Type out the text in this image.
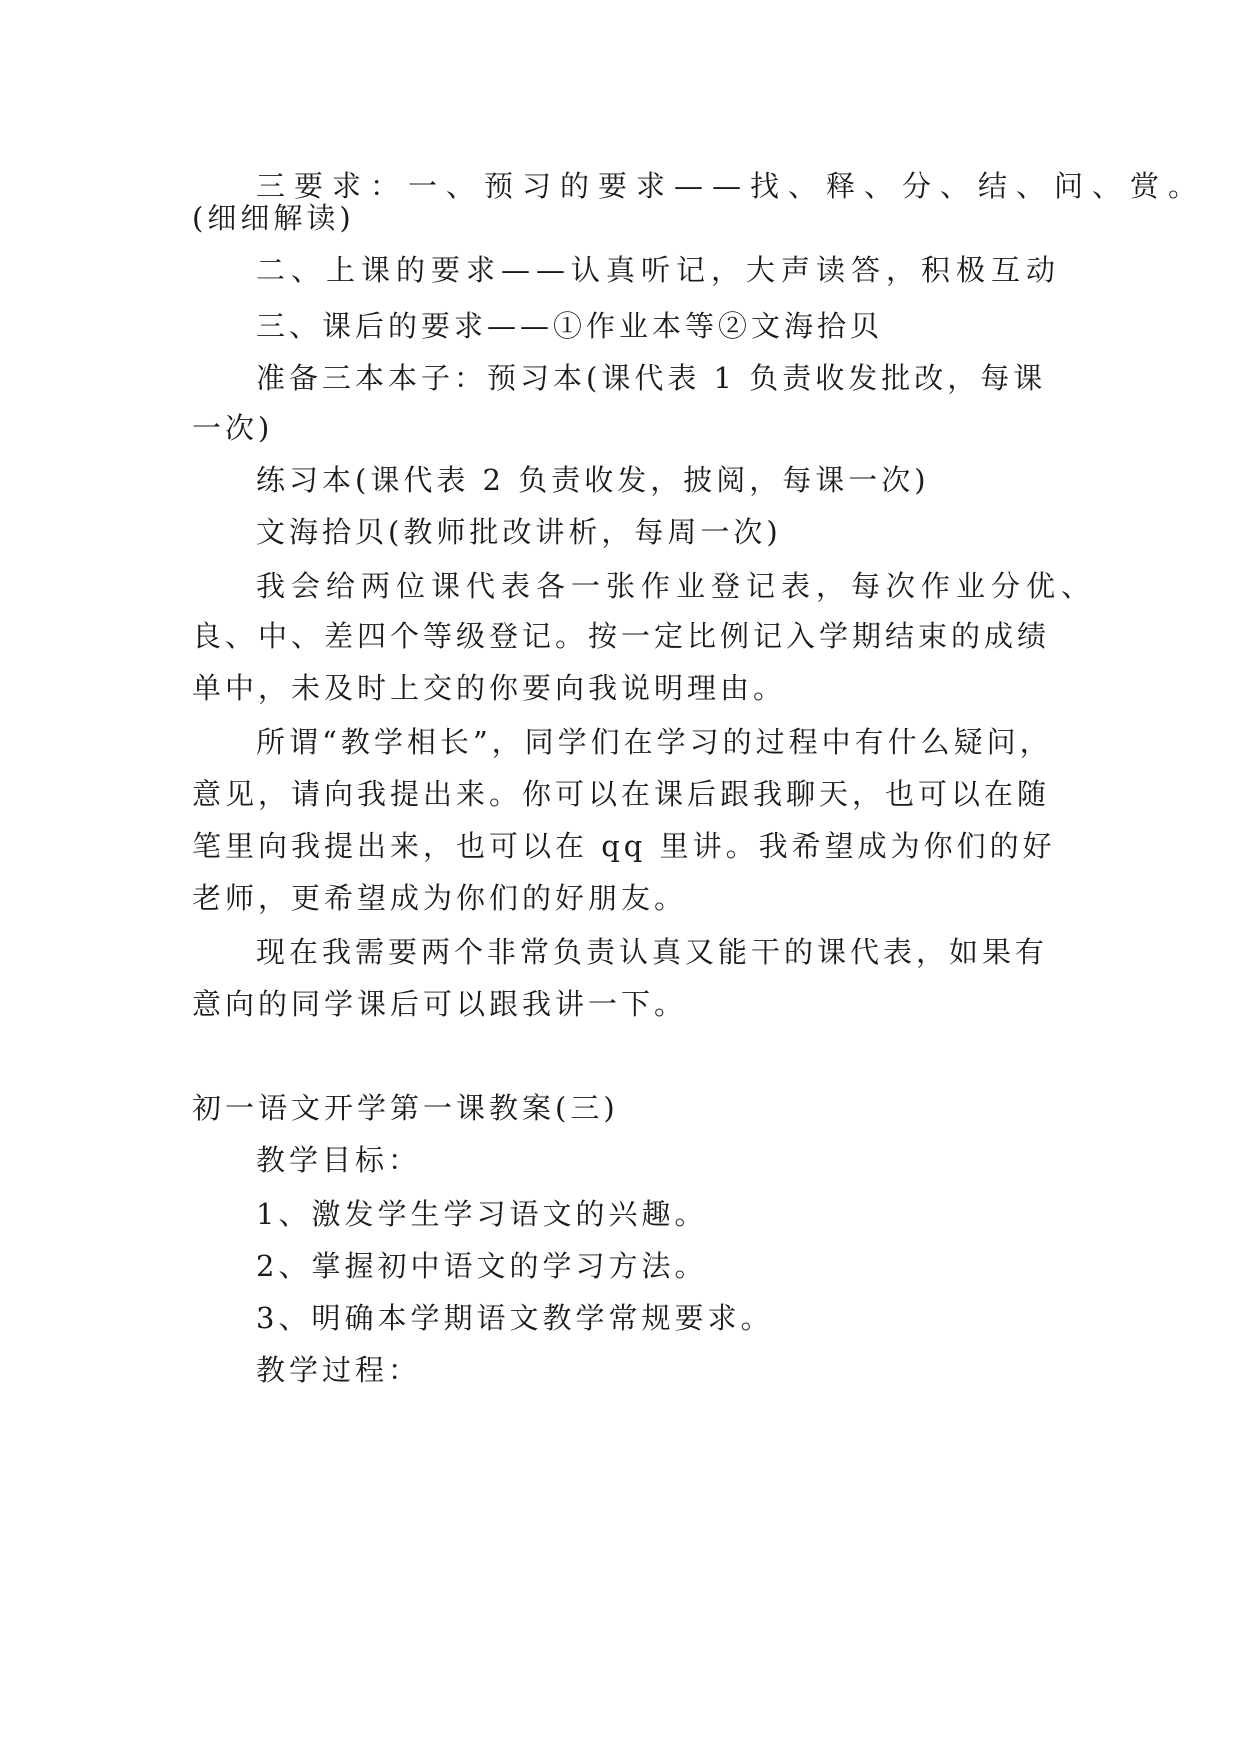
三要求：一、预习的要求——找、释、分、结、问、赏。
(细细解读)
二、上课的要求——认真听记，大声读答，积极互动
三、课后的要求——①作业本等②文海拾贝
准备三本本子：预习本(课代表 1 负责收发批改，每课
一次)
练习本(课代表 2 负责收发，披阅，每课一次)
文海拾贝(教师批改讲析，每周一次)
我会给两位课代表各一张作业登记表，每次作业分优、
良、中、差四个等级登记。按一定比例记入学期结束的成绩
单中，未及时上交的你要向我说明理由。
所谓“教学相长”，同学们在学习的过程中有什么疑问，
意见，请向我提出来。你可以在课后跟我聊天，也可以在随
笔里向我提出来，也可以在 qq 里讲。我希望成为你们的好
老师，更希望成为你们的好朋友。
现在我需要两个非常负责认真又能干的课代表，如果有
意向的同学课后可以跟我讲一下。
初一语文开学第一课教案(三)
教学目标：
1、激发学生学习语文的兴趣。
2、掌握初中语文的学习方法。
3、明确本学期语文教学常规要求。
教学过程：
